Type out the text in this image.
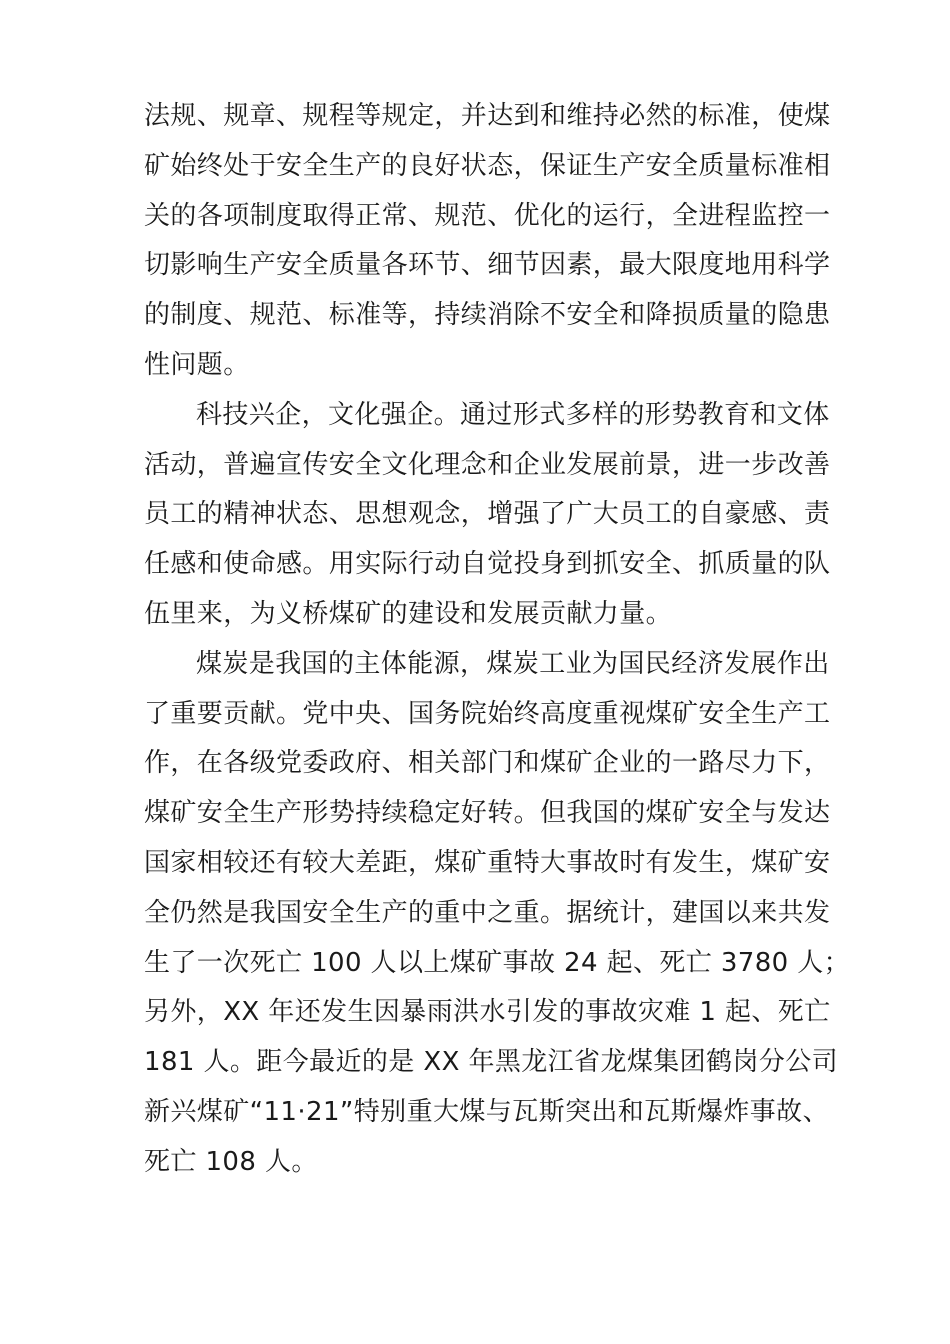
法规、规章、规程等规定，并达到和维持必然的标准，使煤
矿始终处于安全生产的良好状态，保证生产安全质量标准相
关的各项制度取得正常、规范、优化的运行，全进程监控一
切影响生产安全质量各环节、细节因素，最大限度地用科学
的制度、规范、标准等，持续消除不安全和降损质量的隐患
性问题。

科技兴企，文化强企。通过形式多样的形势教育和文体
活动，普遍宣传安全文化理念和企业发展前景，进一步改善
员工的精神状态、思想观念，增强了广大员工的自豪感、责
任感和使命感。用实际行动自觉投身到抓安全、抓质量的队
伍里来，为义桥煤矿的建设和发展贡献力量。

煤炭是我国的主体能源，煤炭工业为国民经济发展作出
了重要贡献。党中央、国务院始终高度重视煤矿安全生产工
作，在各级党委政府、相关部门和煤矿企业的一路尽力下，
煤矿安全生产形势持续稳定好转。但我国的煤矿安全与发达
国家相较还有较大差距，煤矿重特大事故时有发生，煤矿安
全仍然是我国安全生产的重中之重。据统计，建国以来共发
生了一次死亡 100 人以上煤矿事故 24 起、死亡 3780 人；
另外，XX 年还发生因暴雨洪水引发的事故灾难 1 起、死亡
181 人。距今最近的是 XX 年黑龙江省龙煤集团鹤岗分公司
新兴煤矿“11·21”特别重大煤与瓦斯突出和瓦斯爆炸事故、
死亡 108 人。
